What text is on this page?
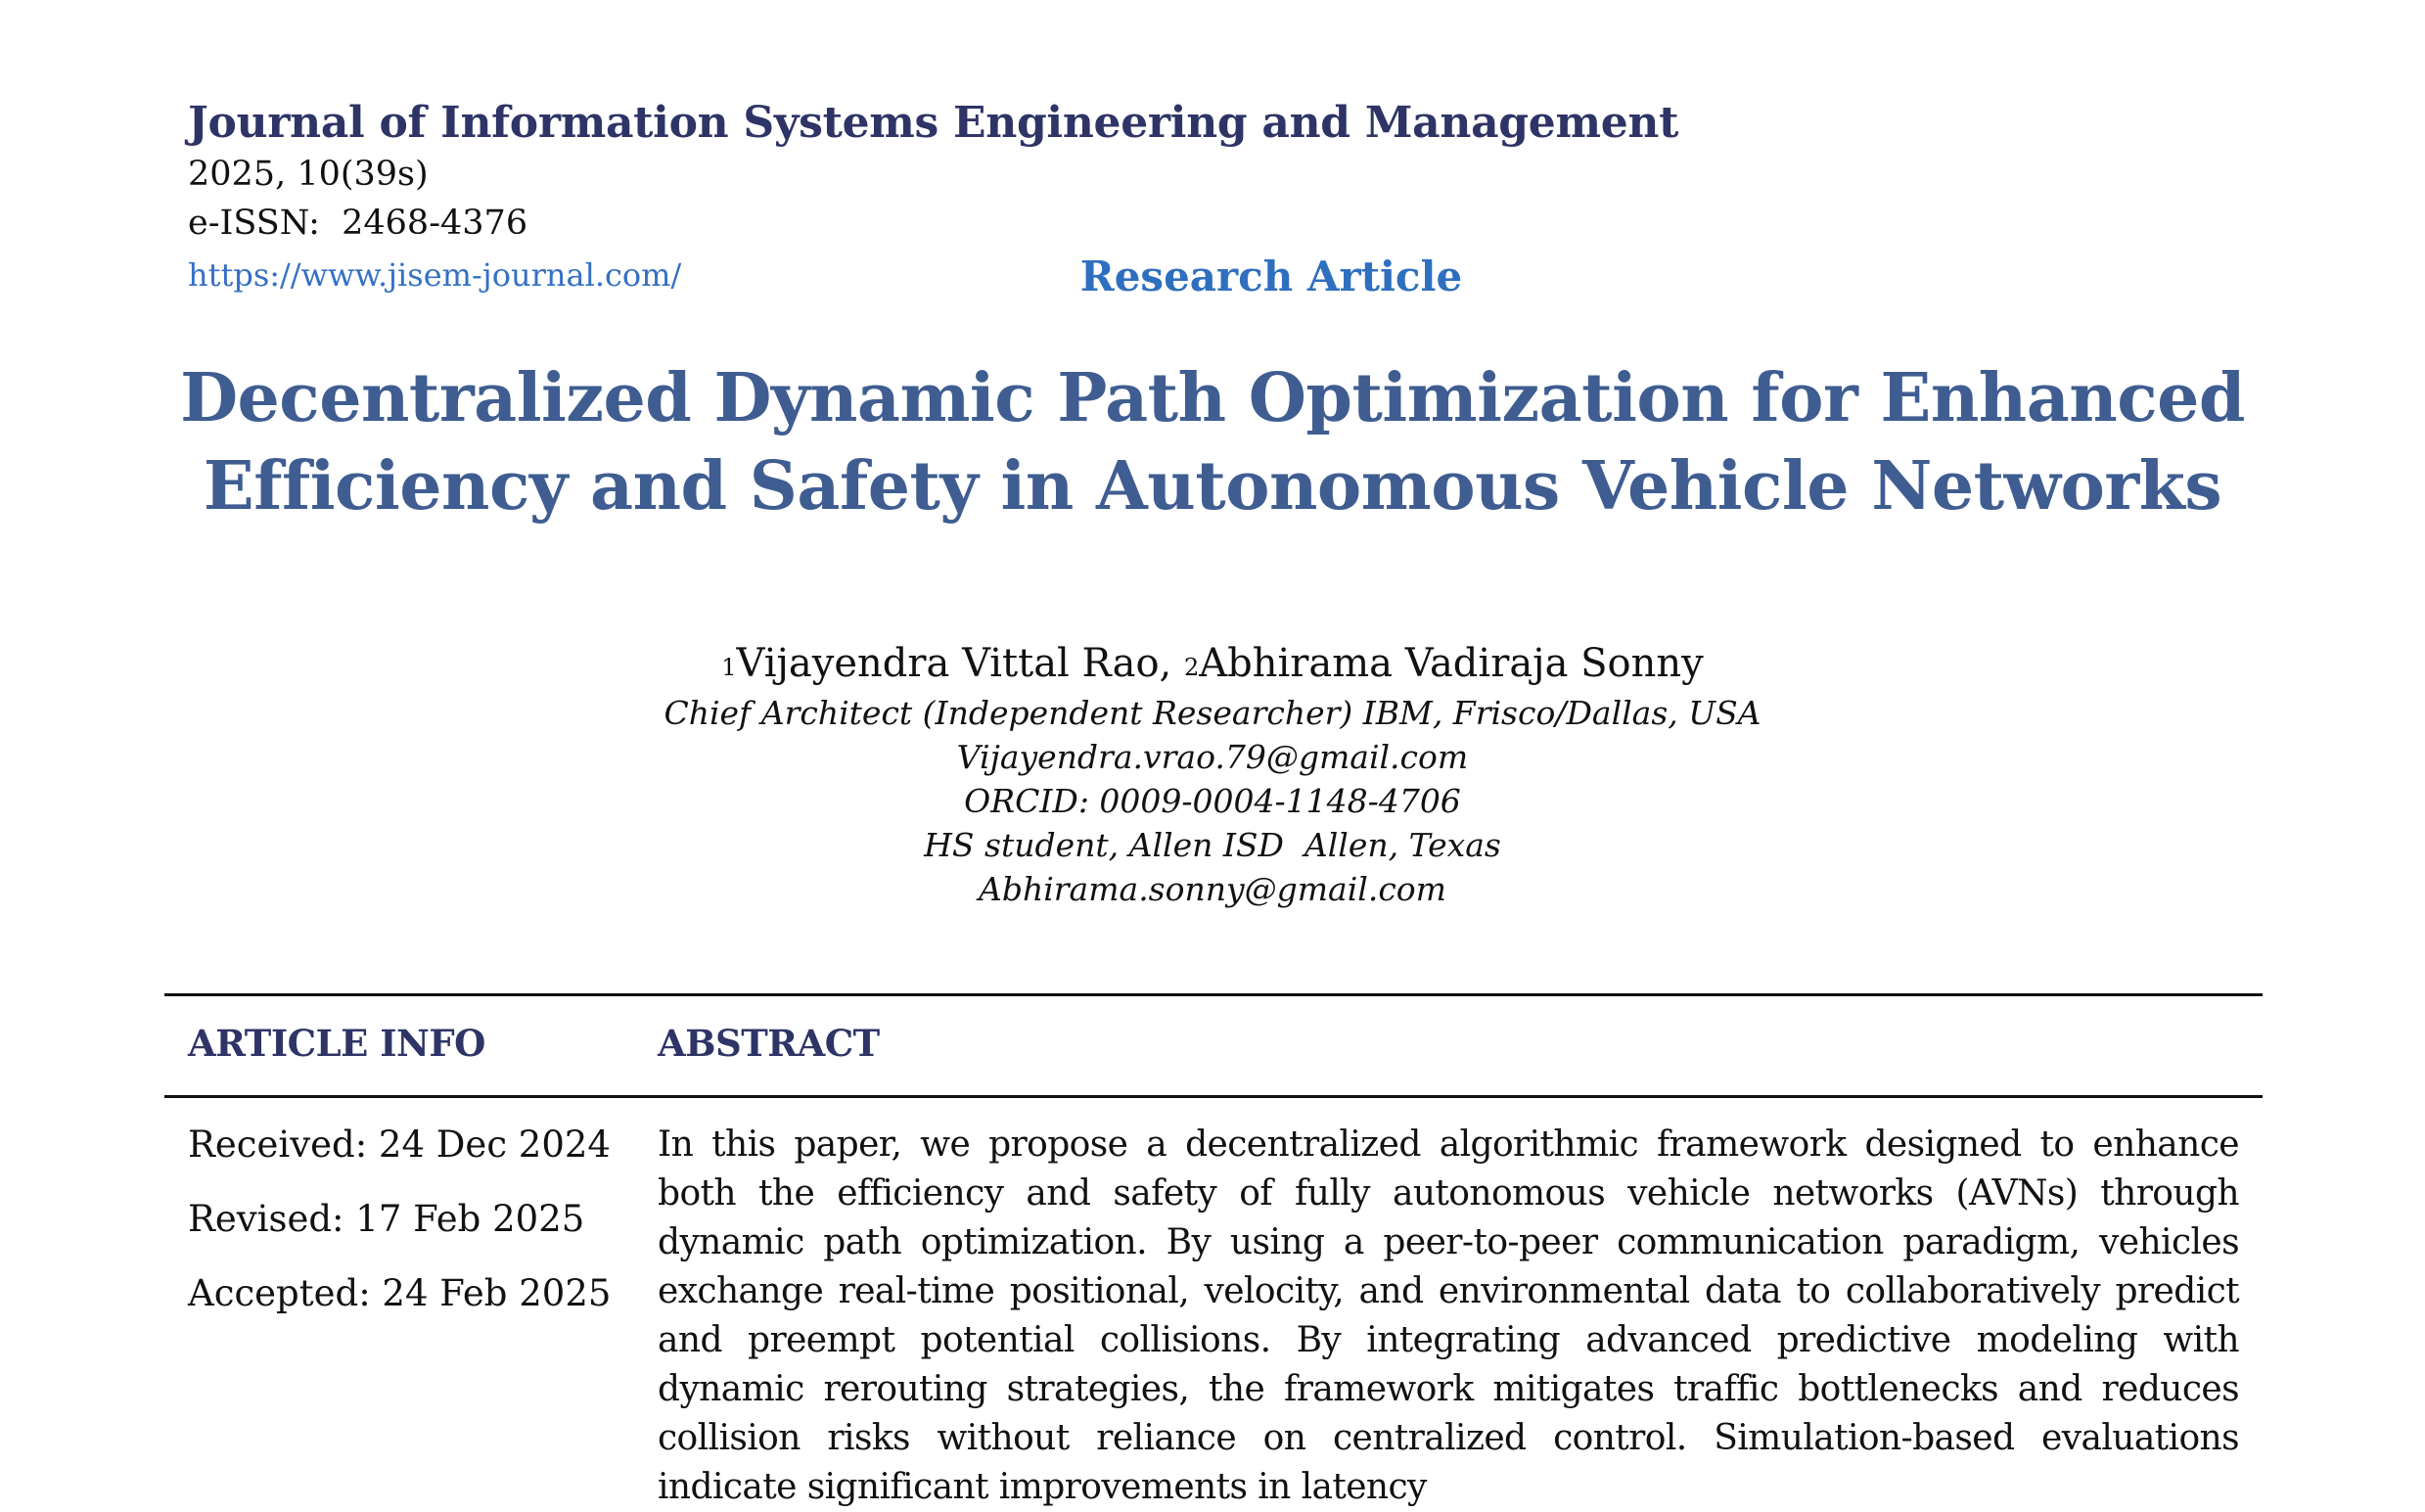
Journal of Information Systems Engineering and Management
2025, 10(39s)
e-ISSN:  2468-4376
https://www.jisem-journal.com/	Research Article
Decentralized Dynamic Path Optimization for Enhanced
Efficiency and Safety in Autonomous Vehicle Networks
$^1$Vijayendra Vittal Rao, $^2$Abhirama Vadiraja Sonny
Chief Architect (Independent Researcher) IBM, Frisco/Dallas, USA
Vijayendra.vrao.79@gmail.com
ORCID: 0009-0004-1148-4706
HS student, Allen ISD  Allen, Texas
Abhirama.sonny@gmail.com
ARTICLE INFO	ABSTRACT
Received: 24 Dec 2024
Revised: 17 Feb 2025
Accepted: 24 Feb 2025

In this paper, we propose a decentralized algorithmic framework designed to enhance both the efficiency and safety of fully autonomous vehicle networks (AVNs) through dynamic path optimization. By using a peer-to-peer communication paradigm, vehicles exchange real-time positional, velocity, and environmental data to collaboratively predict and preempt potential collisions. By integrating advanced predictive modeling with dynamic rerouting strategies, the framework mitigates traffic bottlenecks and reduces collision risks without reliance on centralized control. Simulation-based evaluations indicate significant improvements in latency
